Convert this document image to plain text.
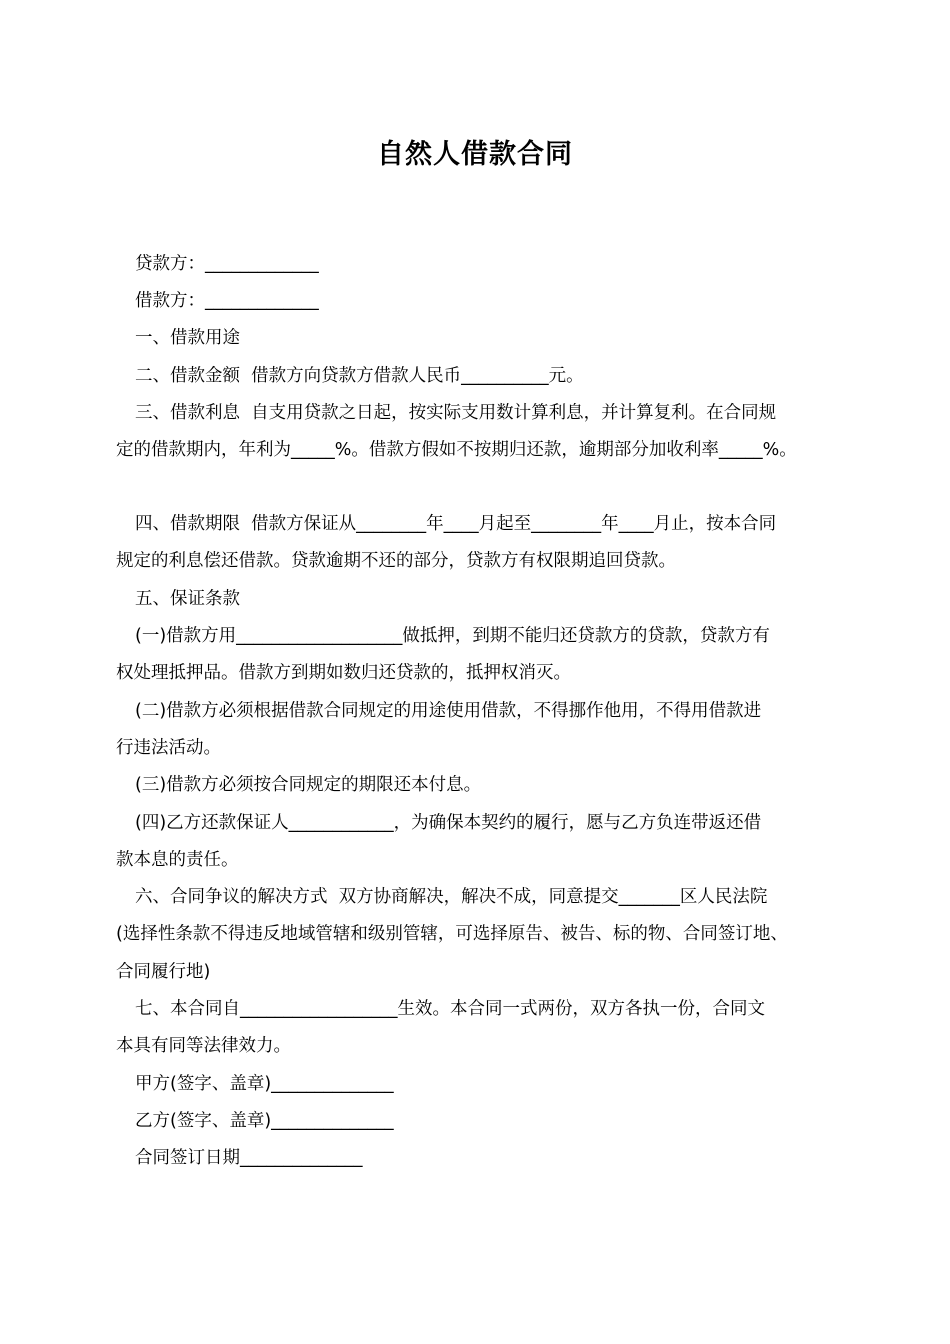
自然人借款合同
贷款方：_____________
借款方：_____________
一、借款用途
二、借款金额  借款方向贷款方借款人民币__________元。
三、借款利息  自支用贷款之日起，按实际支用数计算利息，并计算复利。在合同规
定的借款期内，年利为_____%。借款方假如不按期归还款，逾期部分加收利率_____%。
四、借款期限  借款方保证从________年____月起至________年____月止，按本合同
规定的利息偿还借款。贷款逾期不还的部分，贷款方有权限期追回贷款。
五、保证条款
(一)借款方用___________________做抵押，到期不能归还贷款方的贷款，贷款方有
权处理抵押品。借款方到期如数归还贷款的，抵押权消灭。
(二)借款方必须根据借款合同规定的用途使用借款，不得挪作他用，不得用借款进
行违法活动。
(三)借款方必须按合同规定的期限还本付息。
(四)乙方还款保证人____________，为确保本契约的履行，愿与乙方负连带返还借
款本息的责任。
六、合同争议的解决方式  双方协商解决，解决不成，同意提交_______区人民法院
(选择性条款不得违反地域管辖和级别管辖，可选择原告、被告、标的物、合同签订地、
合同履行地)
七、本合同自__________________生效。本合同一式两份，双方各执一份，合同文
本具有同等法律效力。
甲方(签字、盖章)______________
乙方(签字、盖章)______________
合同签订日期______________
